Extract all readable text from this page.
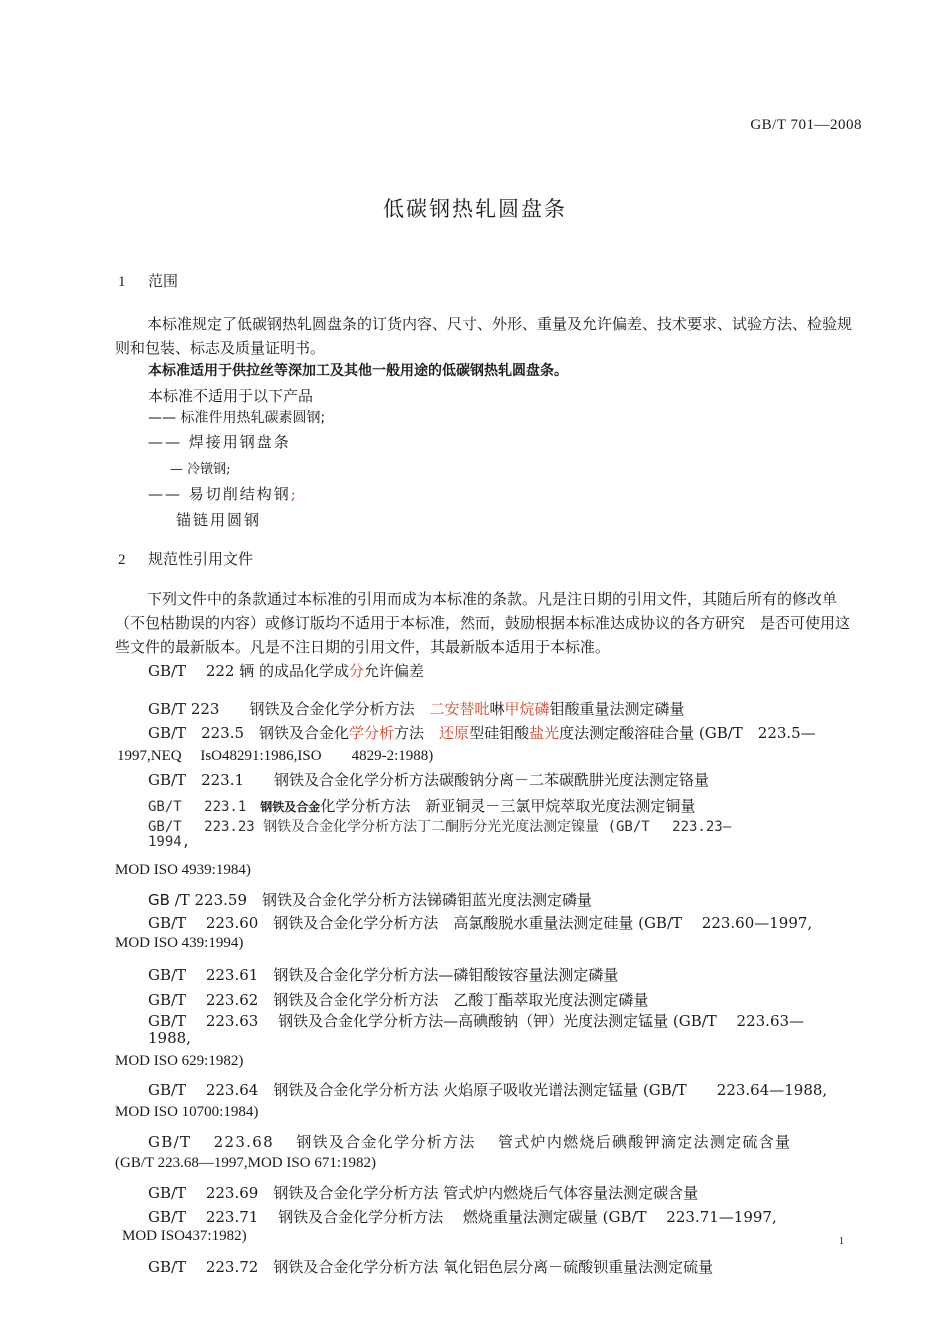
GB/T 701—2008
低碳钢热轧圆盘条
1 范围
本标准规定了低碳钢热轧圆盘条的订货内容、尺寸、外形、重量及允许偏差、技术要求、试验方法、检验规则和包装、标志及质量证明书。
本标准适用于供拉丝等深加工及其他一般用途的低碳钢热轧圆盘条。
本标准不适用于以下产品
—— 标准件用热轧碳素圆钢;
—— 焊接用钢盘条
— 冷镦钢;
—— 易切削结构钢;
锚链用圆钢
2 规范性引用文件
下列文件中的条款通过本标准的引用而成为本标准的条款。凡是注日期的引用文件，其随后所有的修改单（不包枯勘误的内容）或修订版均不适用于本标准，然而，鼓励根据本标准达成协议的各方研究　是否可使用这些文件的最新版本。凡是不注日期的引用文件，其最新版本适用于本标准。
GB/T　 222 辆 的成品化学成分允许偏差
GB/T 223　　钢铁及合金化学分析方法　二安替吡啉甲烷磷钼酸重量法测定磷量
GB/T　223.5　钢铁及合金化学分析方法　还原型硅钼酸盐光度法测定酸溶硅合量 (GB/T　223.5—
1997,NEQ　 IsO48291:1986,ISO　　4829-2:1988)
GB/T　223.1　　钢铁及合金化学分析方法碳酸钠分离－二苯碳酰肼光度法测定铬量
GB/T　 223.1　钢铁及合金化学分析方法　新亚铜灵－三氯甲烷萃取光度法测定铜量
GB/T　 223.23 钢铁及合金化学分析方法丁二酮肟分光光度法测定镍量 (GB/T　 223.23—
1994,
MOD ISO 4939:1984)
GB /T 223.59　钢铁及合金化学分析方法锑磷钼蓝光度法测定磷量
GB/T　 223.60　钢铁及合金化学分析方法　高氯酸脱水重量法测定硅量 (GB/T　 223.60—1997,
MOD ISO 439:1994)
GB/T　 223.61　钢铁及合金化学分析方法—磷钼酸铵容量法测定磷量
GB/T　 223.62　钢铁及合金化学分析方法　乙酸丁酯萃取光度法测定磷量
GB/T　 223.63　 钢铁及合金化学分析方法—高碘酸钠（钾）光度法测定锰量 (GB/T　 223.63—
1988,
MOD ISO 629:1982)
GB/T　 223.64　钢铁及合金化学分析方法 火焰原子吸收光谱法测定锰量 (GB/T　　223.64—1988,
MOD ISO 10700:1984)
GB/T　 223.68　 钢铁及合金化学分析方法　 管式炉内燃烧后碘酸钾滴定法测定硫含量
(GB/T 223.68—1997,MOD ISO 671:1982)
GB/T　 223.69　钢铁及合金化学分析方法 管式炉内燃烧后气体容量法测定碳含量
GB/T　 223.71　 钢铁及合金化学分析方法　 燃烧重量法测定碳量 (GB/T　 223.71—1997,
MOD ISO437:1982)	1
GB/T　 223.72　钢铁及合金化学分析方法 氧化铝色层分离－硫酸钡重量法测定硫量
